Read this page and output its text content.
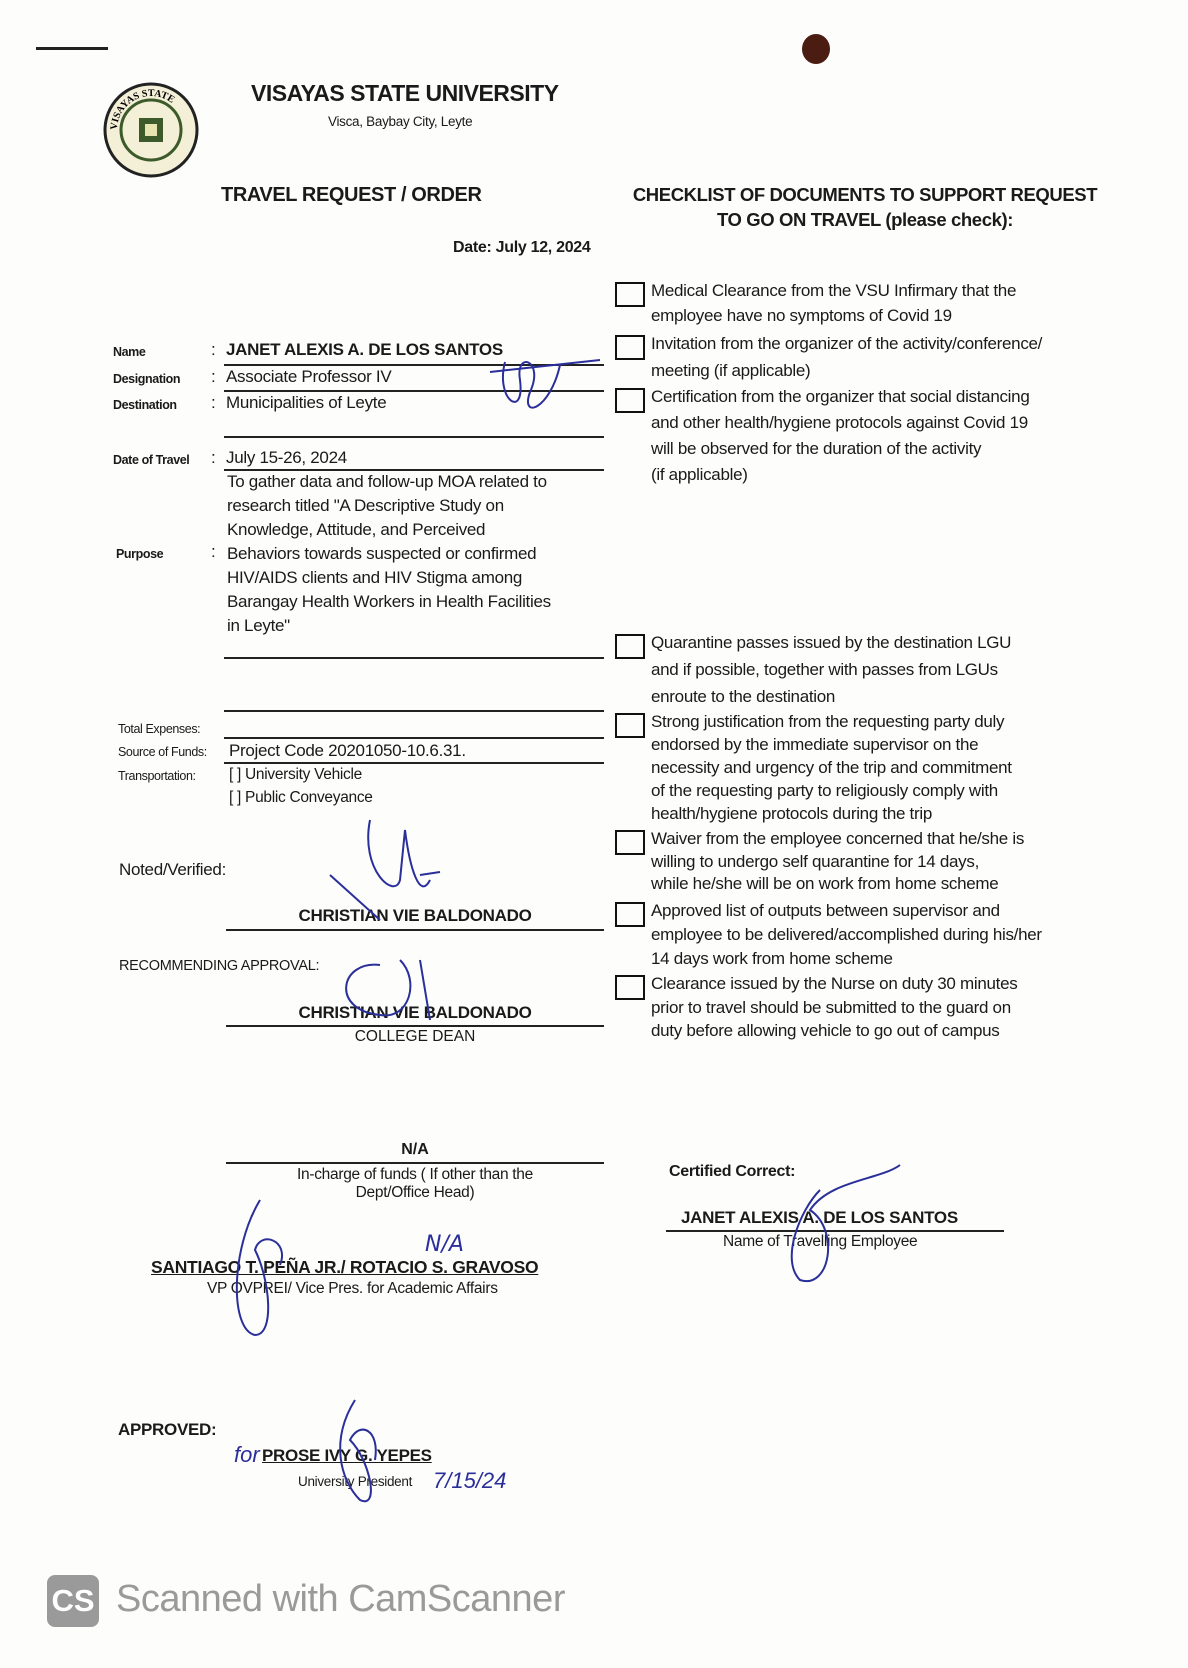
VISAYAS STATE	VISAYAS STATE UNIVERSITY
Visca, Baybay City, Leyte
TRAVEL REQUEST / ORDER
Date: July 12, 2024
CHECKLIST OF DOCUMENTS TO SUPPORT REQUEST
TO GO ON TRAVEL (please check):
Medical Clearance from the VSU Infirmary that the
employee have no symptoms of Covid 19
Invitation from the organizer of the activity/conference/
meeting (if applicable)
Certification from the organizer that social distancing
and other health/hygiene protocols against Covid 19
will be observed for the duration of the activity
(if applicable)
Quarantine passes issued by the destination LGU
and if possible, together with passes from LGUs
enroute to the destination
Strong justification from the requesting party duly
endorsed by the immediate supervisor on the
necessity and urgency of the trip and commitment
of the requesting party to religiously comply with
health/hygiene protocols during the trip
Waiver from the employee concerned that he/she is
willing to undergo self quarantine for 14 days,
while he/she will be on work from home scheme
Approved list of outputs between supervisor and
employee to be delivered/accomplished during his/her
14 days work from home scheme
Clearance issued by the Nurse on duty 30 minutes
prior to travel should be submitted to the guard on
duty before allowing vehicle to go out of campus
Name	: JANET ALEXIS A. DE LOS SANTOS
Designation : Associate Professor IV
Destination : Municipalities of Leyte
Date of Travel : July 15-26, 2024
Purpose	:
To gather data and follow-up MOA related to
research titled "A Descriptive Study on
Knowledge, Attitude, and Perceived
Behaviors towards suspected or confirmed
HIV/AIDS clients and HIV Stigma among
Barangay Health Workers in Health Facilities
in Leyte"
Total Expenses:
Source of Funds:	Project Code 20201050-10.6.31.
Transportation: [ ] University Vehicle
[ ] Public Conveyance
Noted/Verified:
CHRISTIAN VIE BALDONADO
RECOMMENDING APPROVAL:
CHRISTIAN VIE BALDONADO
COLLEGE DEAN
N/A
In-charge of funds ( If other than the
Dept/Office Head)
N/A
SANTIAGO T. PEÑA JR./ ROTACIO S. GRAVOSO
VP OVPREI/ Vice Pres. for Academic Affairs
APPROVED:
for PROSE IVY G. YEPES
University President 7/15/24
Certified Correct:
JANET ALEXIS A. DE LOS SANTOS
Name of Travelling Employee
CS Scanned with CamScanner
